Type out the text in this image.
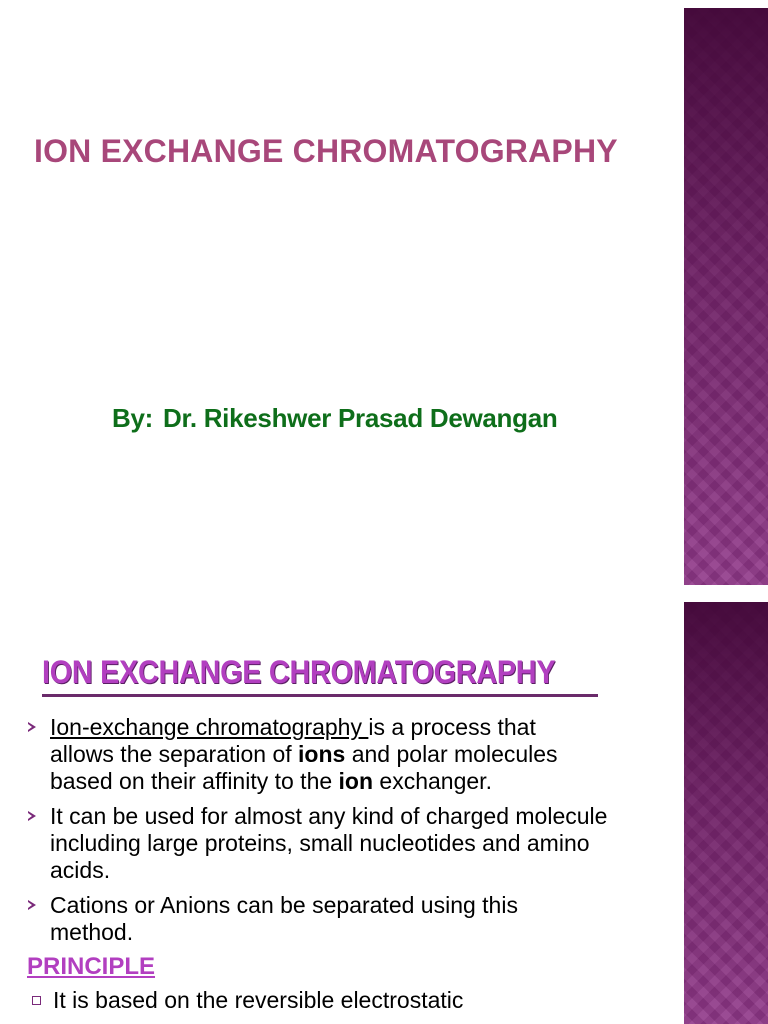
ION EXCHANGE CHROMATOGRAPHY
By: Dr. Rikeshwer Prasad Dewangan
ION EXCHANGE CHROMATOGRAPHY
Ion-exchange chromatography is a process that
allows the separation of ions and polar molecules
based on their affinity to the ion exchanger.
It can be used for almost any kind of charged molecule
including large proteins, small nucleotides and amino
acids.
Cations or Anions can be separated using this
method.
PRINCIPLE
It is based on the reversible electrostatic
